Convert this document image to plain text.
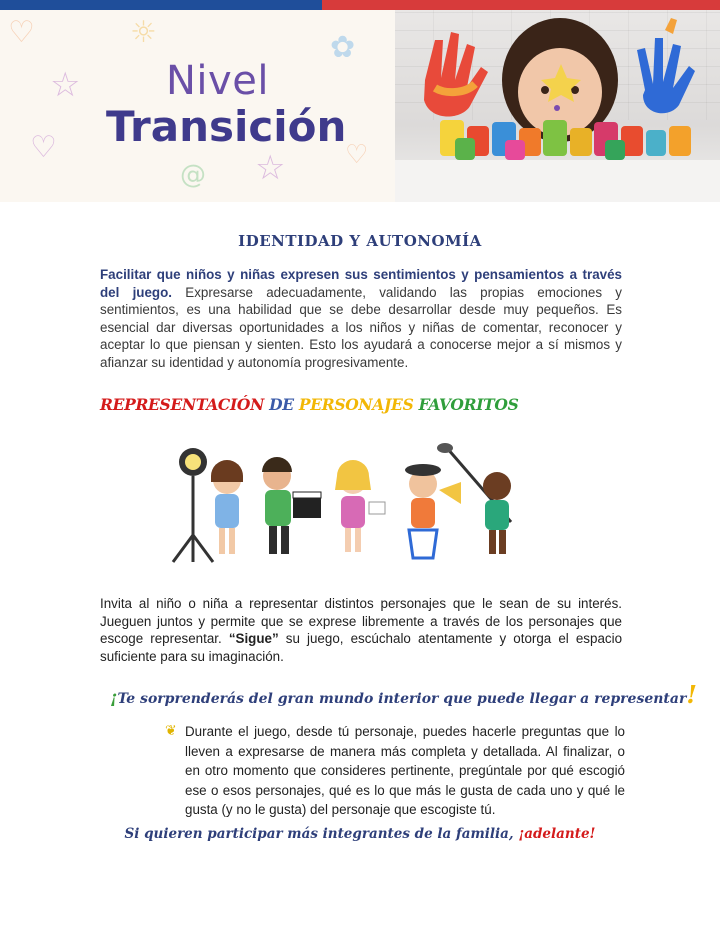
☆
♡	☼
♡
☆
✿
♡
@
Nivel
Transición
IDENTIDAD Y AUTONOMÍA
Facilitar que niños y niñas expresen sus sentimientos y pensamientos a través del juego. Expresarse adecuadamente, validando las propias emociones y sentimientos, es una habilidad que se debe desarrollar desde muy pequeños. Es esencial dar diversas oportunidades a los niños y niñas de comentar, reconocer y aceptar lo que piensan y sienten. Esto los ayudará a conocerse mejor a sí mismos y afianzar su identidad y autonomía progresivamente.
REPRESENTACIÓN DE PERSONAJES FAVORITOS
Invita al niño o niña a representar distintos personajes que le sean de su interés. Jueguen juntos y permite que se exprese libremente a través de los personajes que escoge representar. “Sigue” su juego, escúchalo atentamente y otorga el espacio suficiente para su imaginación.
¡Te sorprenderás del gran mundo interior que puede llegar a representar!
❦ Durante el juego, desde tú personaje, puedes hacerle preguntas que lo lleven a expresarse de manera más completa y detallada. Al finalizar, o en otro momento que consideres pertinente, pregúntale por qué escogió ese o esos personajes, qué es lo que más le gusta de cada uno y qué le gusta (y no le gusta) del personaje que escogiste tú.
Si quieren participar más integrantes de la familia, ¡adelante!
